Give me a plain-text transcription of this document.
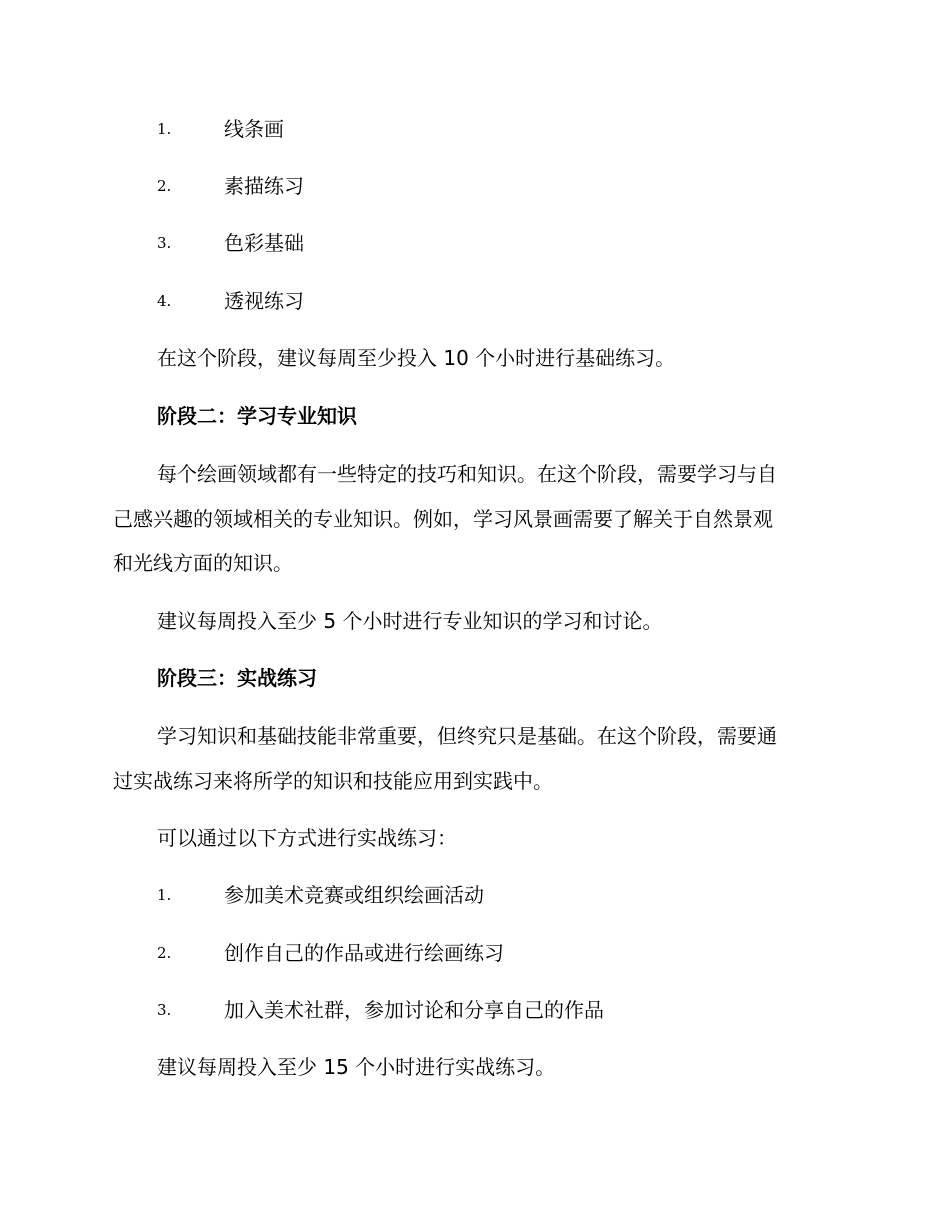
1.	线条画
2.	素描练习
3.	色彩基础
4.	透视练习
在这个阶段，建议每周至少投入 10 个小时进行基础练习。
阶段二：学习专业知识
每个绘画领域都有一些特定的技巧和知识。在这个阶段，需要学习与自
己感兴趣的领域相关的专业知识。例如，学习风景画需要了解关于自然景观
和光线方面的知识。
建议每周投入至少 5 个小时进行专业知识的学习和讨论。
阶段三：实战练习
学习知识和基础技能非常重要，但终究只是基础。在这个阶段，需要通
过实战练习来将所学的知识和技能应用到实践中。
可以通过以下方式进行实战练习：
1.	参加美术竞赛或组织绘画活动
2.	创作自己的作品或进行绘画练习
3.	加入美术社群，参加讨论和分享自己的作品
建议每周投入至少 15 个小时进行实战练习。
